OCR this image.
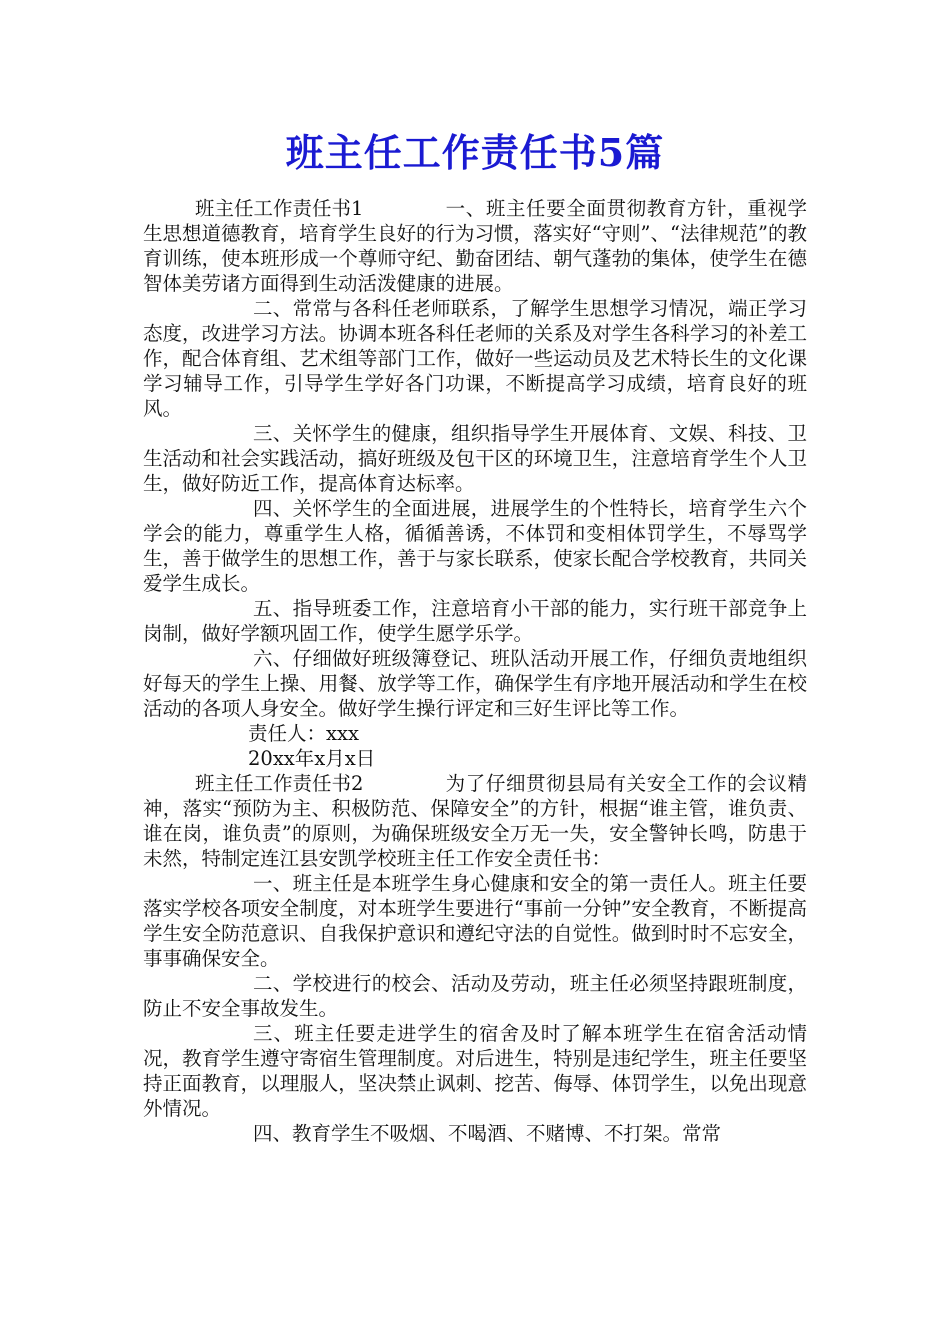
班主任工作责任书5篇

班主任工作责任书1	一、班主任要全面贯彻教育方针，重视学生思想道德教育，培育学生良好的行为习惯，落实好“守则”、“法律规范”的教育训练，使本班形成一个尊师守纪、勤奋团结、朝气蓬勃的集体，使学生在德智体美劳诸方面得到生动活泼健康的进展。

二、常常与各科任老师联系，了解学生思想学习情况，端正学习态度，改进学习方法。协调本班各科任老师的关系及对学生各科学习的补差工作，配合体育组、艺术组等部门工作，做好一些运动员及艺术特长生的文化课学习辅导工作，引导学生学好各门功课，不断提高学习成绩，培育良好的班风。

三、关怀学生的健康，组织指导学生开展体育、文娱、科技、卫生活动和社会实践活动，搞好班级及包干区的环境卫生，注意培育学生个人卫生，做好防近工作，提高体育达标率。

四、关怀学生的全面进展，进展学生的个性特长，培育学生六个学会的能力，尊重学生人格，循循善诱，不体罚和变相体罚学生，不辱骂学生，善于做学生的思想工作，善于与家长联系，使家长配合学校教育，共同关爱学生成长。

五、指导班委工作，注意培育小干部的能力，实行班干部竞争上岗制，做好学额巩固工作，使学生愿学乐学。

六、仔细做好班级簿登记、班队活动开展工作，仔细负责地组织好每天的学生上操、用餐、放学等工作，确保学生有序地开展活动和学生在校活动的各项人身安全。做好学生操行评定和三好生评比等工作。

责任人：xxx

20xx年x月x日

班主任工作责任书2	为了仔细贯彻县局有关安全工作的会议精神，落实“预防为主、积极防范、保障安全”的方针，根据“谁主管，谁负责、谁在岗，谁负责”的原则，为确保班级安全万无一失，安全警钟长鸣，防患于未然，特制定连江县安凯学校班主任工作安全责任书：

一、班主任是本班学生身心健康和安全的第一责任人。班主任要落实学校各项安全制度，对本班学生要进行“事前一分钟”安全教育，不断提高学生安全防范意识、自我保护意识和遵纪守法的自觉性。做到时时不忘安全，事事确保安全。

二、学校进行的校会、活动及劳动，班主任必须坚持跟班制度，防止不安全事故发生。

三、班主任要走进学生的宿舍及时了解本班学生在宿舍活动情况，教育学生遵守寄宿生管理制度。对后进生，特别是违纪学生，班主任要坚持正面教育，以理服人，坚决禁止讽刺、挖苦、侮辱、体罚学生，以免出现意外情况。

四、教育学生不吸烟、不喝酒、不赌博、不打架。常常
